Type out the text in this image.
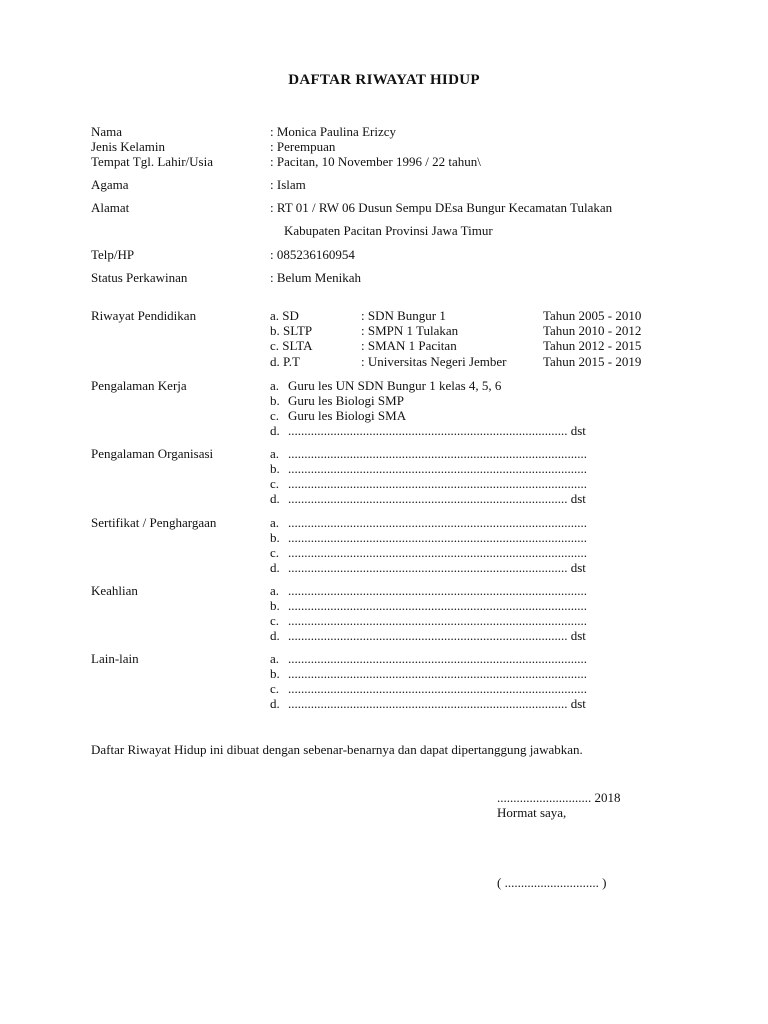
DAFTAR RIWAYAT HIDUP
Nama	: Monica Paulina Erizcy
Jenis Kelamin	: Perempuan
Tempat Tgl. Lahir/Usia	: Pacitan, 10 November 1996 / 22 tahun\
Agama	: Islam
Alamat	: RT 01 / RW 06 Dusun Sempu DEsa Bungur Kecamatan Tulakan
Kabupaten Pacitan Provinsi Jawa Timur
Telp/HP	: 085236160954
Status Perkawinan	: Belum Menikah
Riwayat Pendidikan	a. SD	: SDN Bungur 1	Tahun 2005 - 2010
b. SLTP	: SMPN 1 Tulakan	Tahun 2010 - 2012
c. SLTA	: SMAN 1 Pacitan	Tahun 2012 - 2015
d. P.T	: Universitas Negeri Jember	Tahun 2015 - 2019
Pengalaman Kerja	a. Guru les UN SDN Bungur 1 kelas 4, 5, 6
b. Guru les Biologi SMP
c. Guru les Biologi SMA
d. ...................................................................................... dst
Pengalaman Organisasi	a. ............................................................................................
b. ............................................................................................
c. ............................................................................................
d. ...................................................................................... dst
Sertifikat / Penghargaan	a. ............................................................................................
b. ............................................................................................
c. ............................................................................................
d. ...................................................................................... dst
Keahlian	a. ............................................................................................
b. ............................................................................................
c. ............................................................................................
d. ...................................................................................... dst
Lain-lain	a. ............................................................................................
b. ............................................................................................
c. ............................................................................................
d. ...................................................................................... dst
Daftar Riwayat Hidup ini dibuat dengan sebenar-benarnya dan dapat dipertanggung jawabkan.
............................. 2018
Hormat saya,
( ............................. )
